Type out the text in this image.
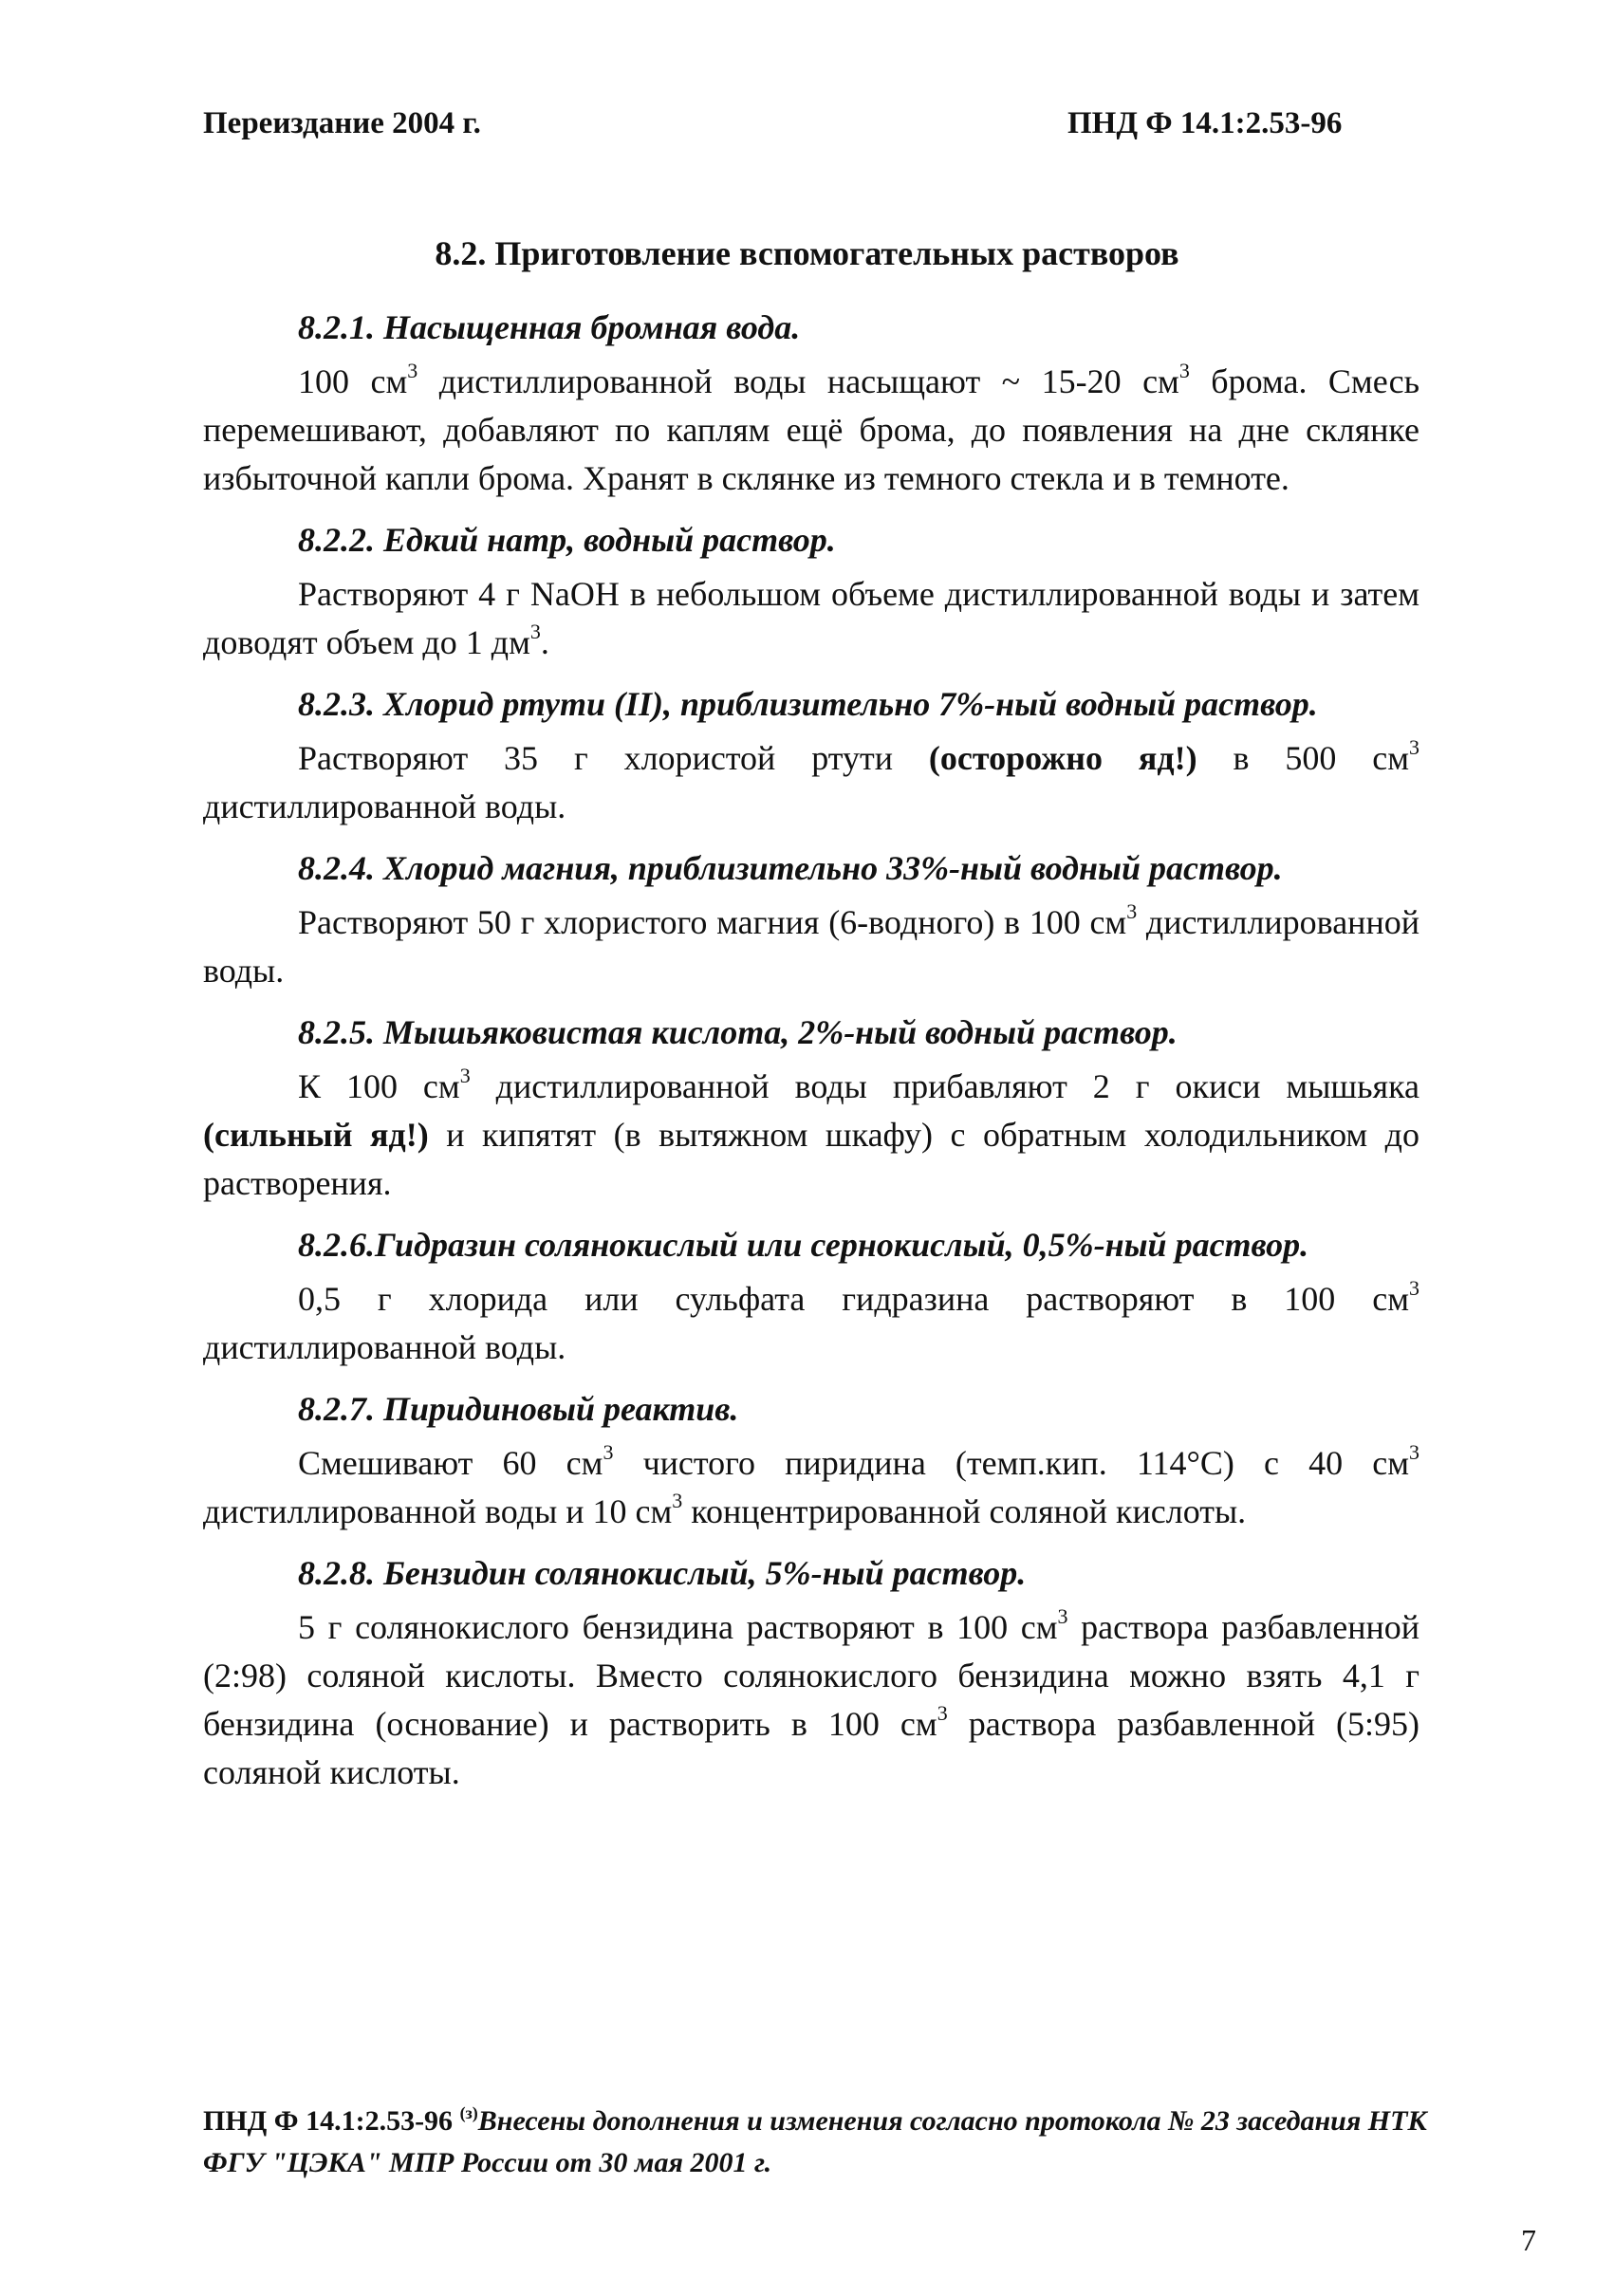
Переиздание 2004 г.	ПНД Ф 14.1:2.53-96
8.2. Приготовление вспомогательных растворов

8.2.1. Насыщенная бромная вода.

100 $см^3$ дистиллированной воды насыщают ~ 15-20 $см^3$ брома. Смесь перемешивают, добавляют по каплям ещё брома, до появления на дне склянке избыточной капли брома. Хранят в склянке из темного стекла и в темноте.

8.2.2. Едкий натр, водный раствор.

Растворяют 4 г NaOH в небольшом объеме дистиллированной воды и затем доводят объем до 1 $дм^3$.

8.2.3. Хлорид ртути (II), приблизительно 7%-ный водный раствор.

Растворяют 35 г хлористой ртути (осторожно яд!) в 500 $см^3$ дистиллированной воды.

8.2.4. Хлорид магния, приблизительно 33%-ный водный раствор.

Растворяют 50 г хлористого магния (6-водного) в 100 $см^3$ дистиллированной воды.

8.2.5. Мышьяковистая кислота, 2%-ный водный раствор.

К 100 $см^3$ дистиллированной воды прибавляют 2 г окиси мышьяка (сильный яд!) и кипятят (в вытяжном шкафу) с обратным холодильником до растворения.

8.2.6.Гидразин солянокислый или сернокислый, 0,5%-ный раствор.

0,5 г хлорида или сульфата гидразина растворяют в 100 $см^3$ дистиллированной воды.

8.2.7. Пиридиновый реактив.

Смешивают 60 $см^3$ чистого пиридина (темп.кип. 114°С) с 40 $см^3$ дистиллированной воды и 10 $см^3$ концентрированной соляной кислоты.

8.2.8. Бензидин солянокислый, 5%-ный раствор.

5 г солянокислого бензидина растворяют в 100 $см^3$ раствора разбавленной (2:98) соляной кислоты. Вместо солянокислого бензидина можно взять 4,1 г бензидина (основание) и растворить в 100 $см^3$ раствора разбавленной (5:95) соляной кислоты.

ПНД Ф 14.1:2.53-96 $^{(з)}$Внесены дополнения и изменения согласно протокола № 23 заседания НТК ФГУ "ЦЭКА" МПР России от 30 мая 2001 г.
7
